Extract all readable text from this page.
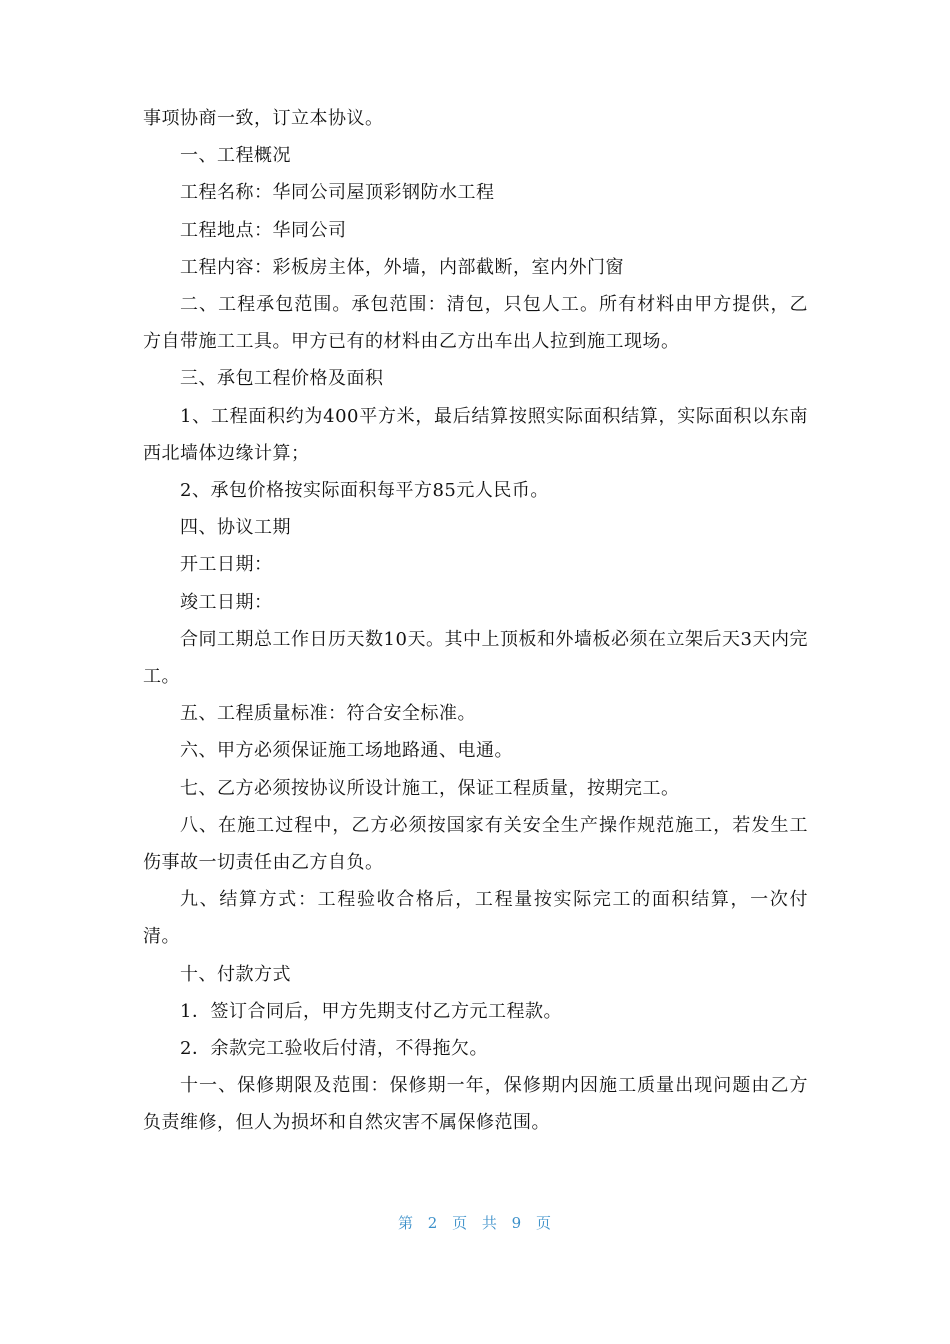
事项协商一致，订立本协议。

一、工程概况

工程名称：华同公司屋顶彩钢防水工程

工程地点：华同公司

工程内容：彩板房主体，外墙，内部截断，室内外门窗

二、工程承包范围。承包范围：清包，只包人工。所有材料由甲方提供，乙方自带施工工具。甲方已有的材料由乙方出车出人拉到施工现场。

三、承包工程价格及面积

1、工程面积约为400平方米，最后结算按照实际面积结算，实际面积以东南西北墙体边缘计算；

2、承包价格按实际面积每平方85元人民币。

四、协议工期

开工日期：

竣工日期：

合同工期总工作日历天数10天。其中上顶板和外墙板必须在立架后天3天内完工。

五、工程质量标准：符合安全标准。

六、甲方必须保证施工场地路通、电通。

七、乙方必须按协议所设计施工，保证工程质量，按期完工。

八、在施工过程中，乙方必须按国家有关安全生产操作规范施工，若发生工伤事故一切责任由乙方自负。

九、结算方式：工程验收合格后，工程量按实际完工的面积结算，一次付清。

十、付款方式

1．签订合同后，甲方先期支付乙方元工程款。

2．余款完工验收后付清，不得拖欠。

十一、保修期限及范围：保修期一年，保修期内因施工质量出现问题由乙方负责维修，但人为损坏和自然灾害不属保修范围。

第 2 页 共 9 页
